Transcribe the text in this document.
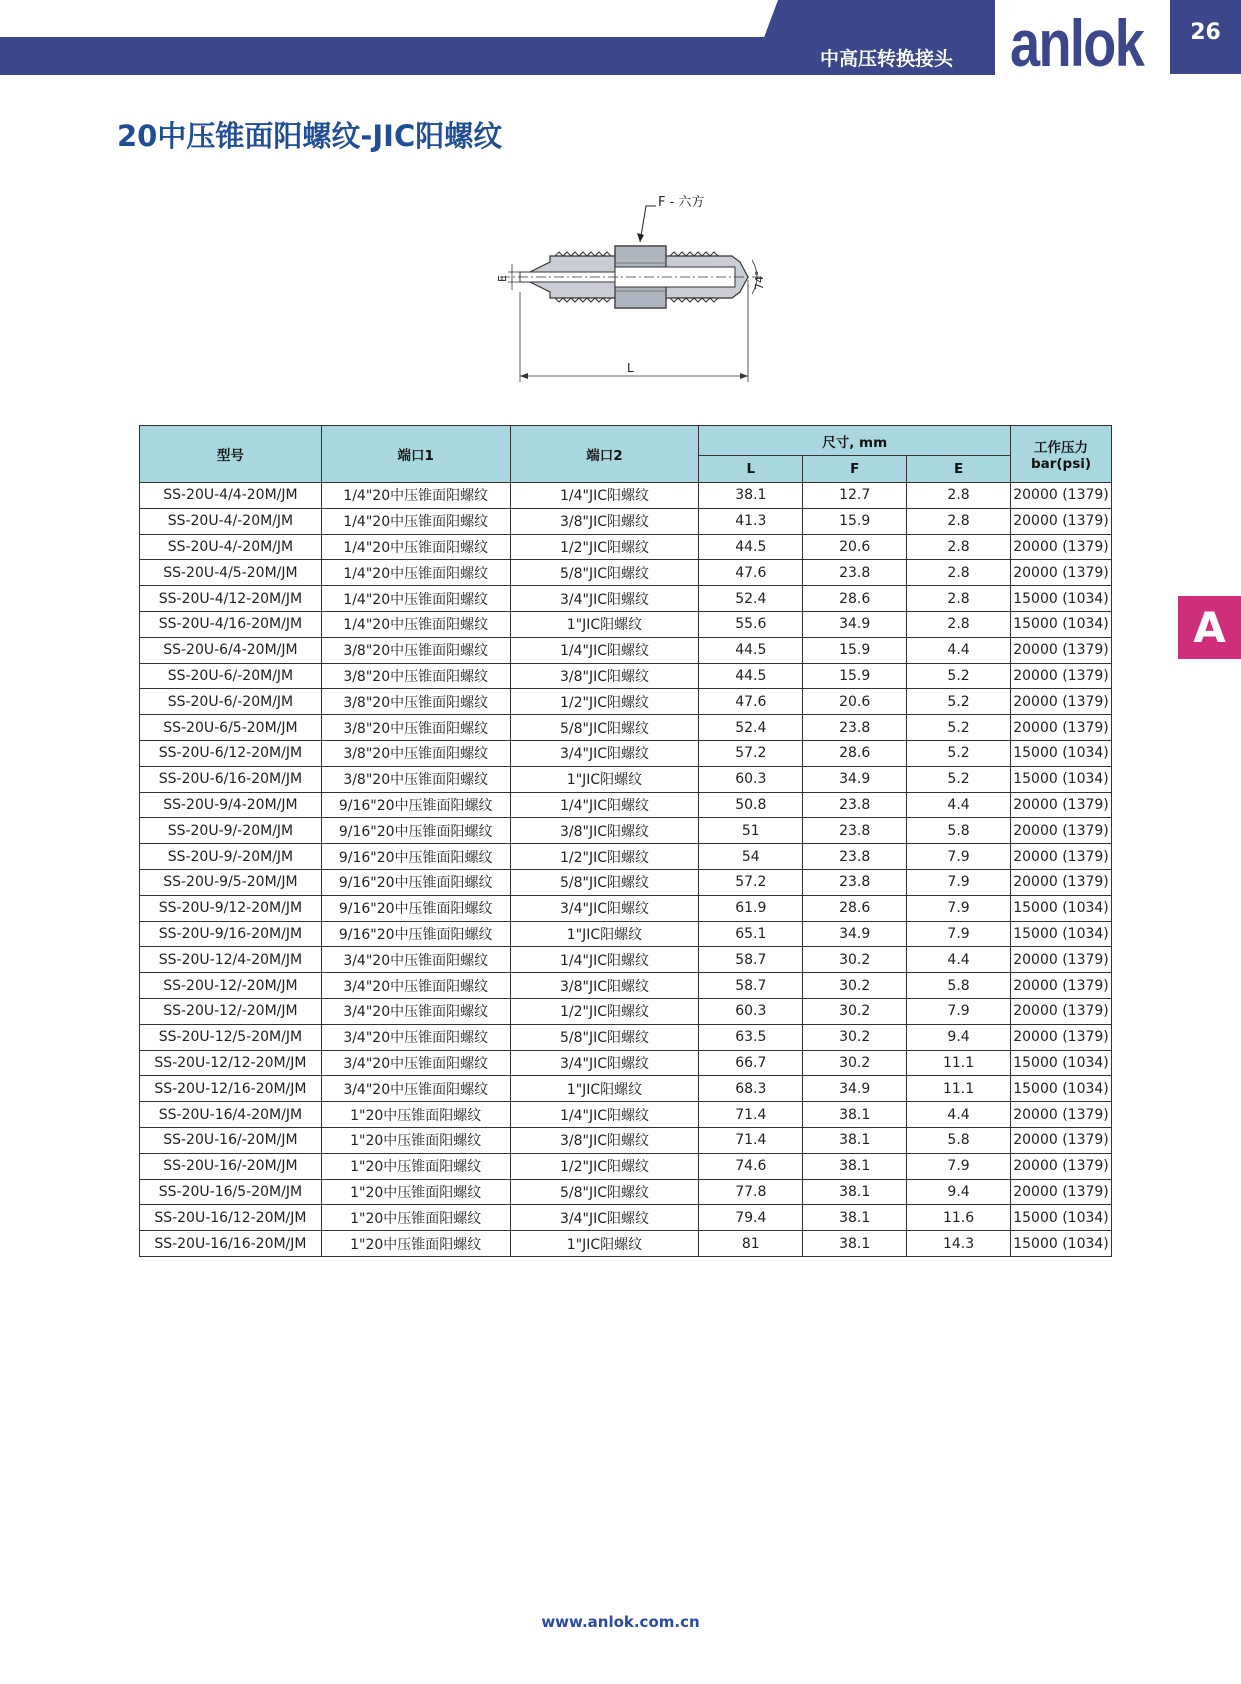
中高压转换接头 anlok	26
20中压锥面阳螺纹-JIC阳螺纹
A
F - 六方
74°
E
L
型号	端口1	端口2	尺寸, mm			工作压力
bar(psi)

			L	F	E	
SS-20U-4/4-20M/JM	1/4"20中压锥面阳螺纹	1/4"JIC阳螺纹	38.1	12.7	2.8	20000 (1379)
SS-20U-4/-20M/JM	1/4"20中压锥面阳螺纹	3/8"JIC阳螺纹	41.3	15.9	2.8	20000 (1379)
SS-20U-4/-20M/JM	1/4"20中压锥面阳螺纹	1/2"JIC阳螺纹	44.5	20.6	2.8	20000 (1379)
SS-20U-4/5-20M/JM	1/4"20中压锥面阳螺纹	5/8"JIC阳螺纹	47.6	23.8	2.8	20000 (1379)
SS-20U-4/12-20M/JM	1/4"20中压锥面阳螺纹	3/4"JIC阳螺纹	52.4	28.6	2.8	15000 (1034)
SS-20U-4/16-20M/JM	1/4"20中压锥面阳螺纹	1"JIC阳螺纹	55.6	34.9	2.8	15000 (1034)
SS-20U-6/4-20M/JM	3/8"20中压锥面阳螺纹	1/4"JIC阳螺纹	44.5	15.9	4.4	20000 (1379)
SS-20U-6/-20M/JM	3/8"20中压锥面阳螺纹	3/8"JIC阳螺纹	44.5	15.9	5.2	20000 (1379)
SS-20U-6/-20M/JM	3/8"20中压锥面阳螺纹	1/2"JIC阳螺纹	47.6	20.6	5.2	20000 (1379)
SS-20U-6/5-20M/JM	3/8"20中压锥面阳螺纹	5/8"JIC阳螺纹	52.4	23.8	5.2	20000 (1379)
SS-20U-6/12-20M/JM	3/8"20中压锥面阳螺纹	3/4"JIC阳螺纹	57.2	28.6	5.2	15000 (1034)
SS-20U-6/16-20M/JM	3/8"20中压锥面阳螺纹	1"JIC阳螺纹	60.3	34.9	5.2	15000 (1034)
SS-20U-9/4-20M/JM	9/16"20中压锥面阳螺纹	1/4"JIC阳螺纹	50.8	23.8	4.4	20000 (1379)
SS-20U-9/-20M/JM	9/16"20中压锥面阳螺纹	3/8"JIC阳螺纹	51	23.8	5.8	20000 (1379)
SS-20U-9/-20M/JM	9/16"20中压锥面阳螺纹	1/2"JIC阳螺纹	54	23.8	7.9	20000 (1379)
SS-20U-9/5-20M/JM	9/16"20中压锥面阳螺纹	5/8"JIC阳螺纹	57.2	23.8	7.9	20000 (1379)
SS-20U-9/12-20M/JM	9/16"20中压锥面阳螺纹	3/4"JIC阳螺纹	61.9	28.6	7.9	15000 (1034)
SS-20U-9/16-20M/JM	9/16"20中压锥面阳螺纹	1"JIC阳螺纹	65.1	34.9	7.9	15000 (1034)
SS-20U-12/4-20M/JM	3/4"20中压锥面阳螺纹	1/4"JIC阳螺纹	58.7	30.2	4.4	20000 (1379)
SS-20U-12/-20M/JM	3/4"20中压锥面阳螺纹	3/8"JIC阳螺纹	58.7	30.2	5.8	20000 (1379)
SS-20U-12/-20M/JM	3/4"20中压锥面阳螺纹	1/2"JIC阳螺纹	60.3	30.2	7.9	20000 (1379)
SS-20U-12/5-20M/JM	3/4"20中压锥面阳螺纹	5/8"JIC阳螺纹	63.5	30.2	9.4	20000 (1379)
SS-20U-12/12-20M/JM	3/4"20中压锥面阳螺纹	3/4"JIC阳螺纹	66.7	30.2	11.1	15000 (1034)
SS-20U-12/16-20M/JM	3/4"20中压锥面阳螺纹	1"JIC阳螺纹	68.3	34.9	11.1	15000 (1034)
SS-20U-16/4-20M/JM	1"20中压锥面阳螺纹	1/4"JIC阳螺纹	71.4	38.1	4.4	20000 (1379)
SS-20U-16/-20M/JM	1"20中压锥面阳螺纹	3/8"JIC阳螺纹	71.4	38.1	5.8	20000 (1379)
SS-20U-16/-20M/JM	1"20中压锥面阳螺纹	1/2"JIC阳螺纹	74.6	38.1	7.9	20000 (1379)
SS-20U-16/5-20M/JM	1"20中压锥面阳螺纹	5/8"JIC阳螺纹	77.8	38.1	9.4	20000 (1379)
SS-20U-16/12-20M/JM	1"20中压锥面阳螺纹	3/4"JIC阳螺纹	79.4	38.1	11.6	15000 (1034)
SS-20U-16/16-20M/JM	1"20中压锥面阳螺纹	1"JIC阳螺纹	81	38.1	14.3	15000 (1034)
www.anlok.com.cn
